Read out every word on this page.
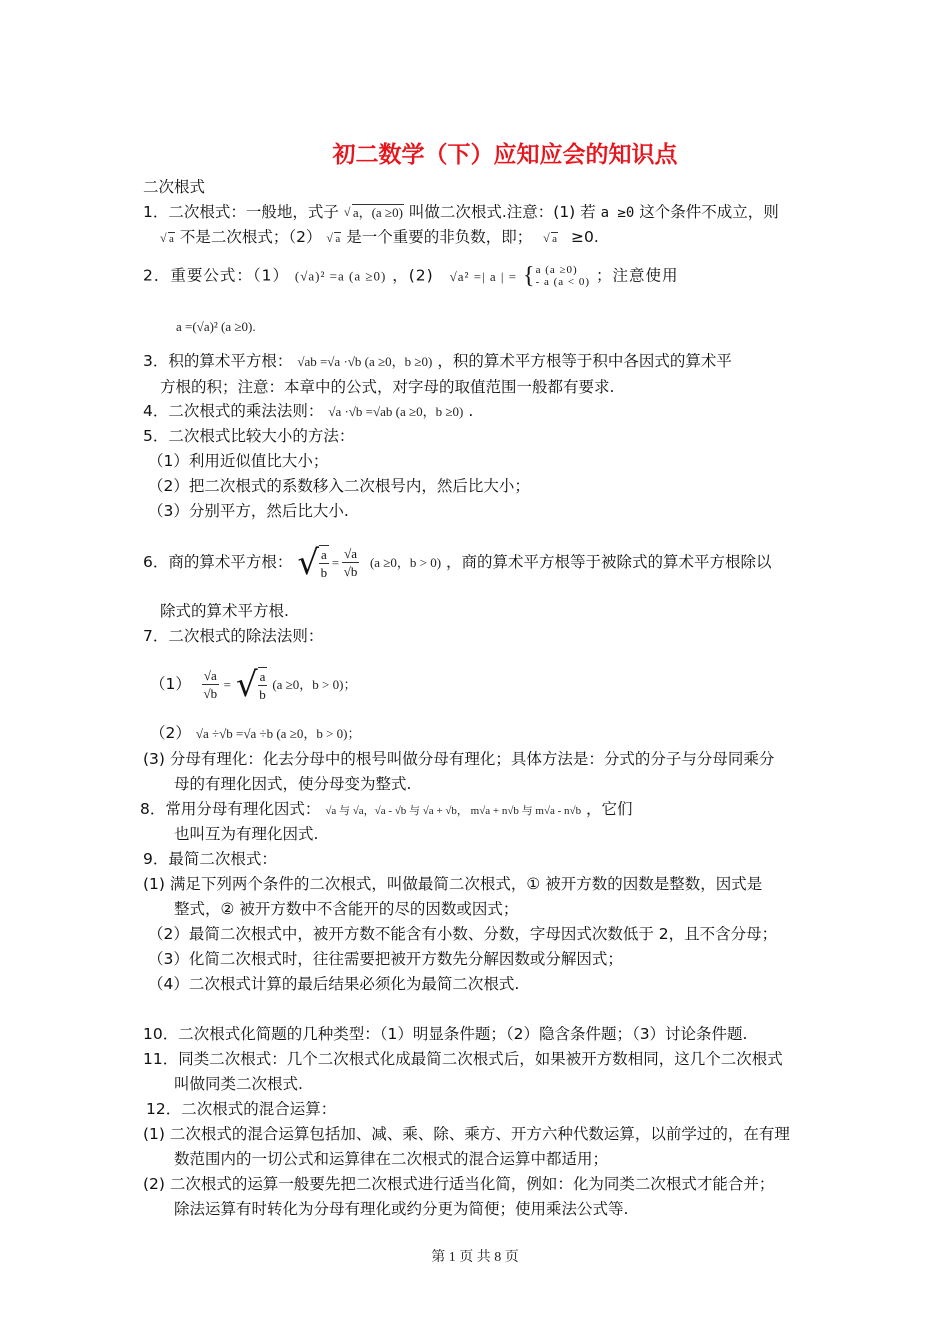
初二数学（下）应知应会的知识点
二次根式
1．二次根式：一般地，式子 √ a，(a ≥0) 叫做二次根式.注意：(1) 若 a ≥0 这个条件不成立，则
√ a 不是二次根式；（2） √ a 是一个重要的非负数，即； √ a ≥0.
2．重要公式：（1） (√a)² =a (a ≥0) ，(2) √a² =| a | = { a (a ≥0)
- a (a < 0) ；注意使用
a =(√a)² (a ≥0).
3．积的算术平方根： √ab =√a ·√b (a ≥0，b ≥0) ，积的算术平方根等于积中各因式的算术平
方根的积；注意：本章中的公式，对字母的取值范围一般都有要求.
4．二次根式的乘法法则： √a ·√b =√ab (a ≥0，b ≥0) .
5．二次根式比较大小的方法：
（1）利用近似值比大小；
（2）把二次根式的系数移入二次根号内，然后比大小；
（3）分别平方，然后比大小.
6．商的算术平方根： √ $\frac{a}{b} = \frac{√a}{√b} (a \ge 0$，b > 0) ，商的算术平方根等于被除式的算术平方根除以
除式的算术平方根.
7．二次根式的除法法则：
$(1) \frac{√a}{√b}$ = √ $\frac{a}{b} (a \ge 0$，b > 0)；
（2） √a ÷√b =√a ÷b (a ≥0，b > 0)；
(3) 分母有理化：化去分母中的根号叫做分母有理化；具体方法是：分式的分子与分母同乘分
母的有理化因式，使分母变为整式.
8．常用分母有理化因式： √a 与 √a，√a - √b 与 √a + √b， m√a + n√b 与 m√a - n√b ，它们
也叫互为有理化因式.
9．最简二次根式：
(1) 满足下列两个条件的二次根式，叫做最简二次根式，① 被开方数的因数是整数，因式是
整式，② 被开方数中不含能开的尽的因数或因式；
（2）最简二次根式中，被开方数不能含有小数、分数，字母因式次数低于 2，且不含分母；
（3）化简二次根式时，往往需要把被开方数先分解因数或分解因式；
（4）二次根式计算的最后结果必须化为最简二次根式.
10．二次根式化简题的几种类型：（1）明显条件题；（2）隐含条件题；（3）讨论条件题.
11．同类二次根式：几个二次根式化成最简二次根式后，如果被开方数相同，这几个二次根式
叫做同类二次根式.
12．二次根式的混合运算：
(1) 二次根式的混合运算包括加、减、乘、除、乘方、开方六种代数运算，以前学过的，在有理
数范围内的一切公式和运算律在二次根式的混合运算中都适用；
(2) 二次根式的运算一般要先把二次根式进行适当化简，例如：化为同类二次根式才能合并；
除法运算有时转化为分母有理化或约分更为简便；使用乘法公式等.
第 1 页 共 8 页
